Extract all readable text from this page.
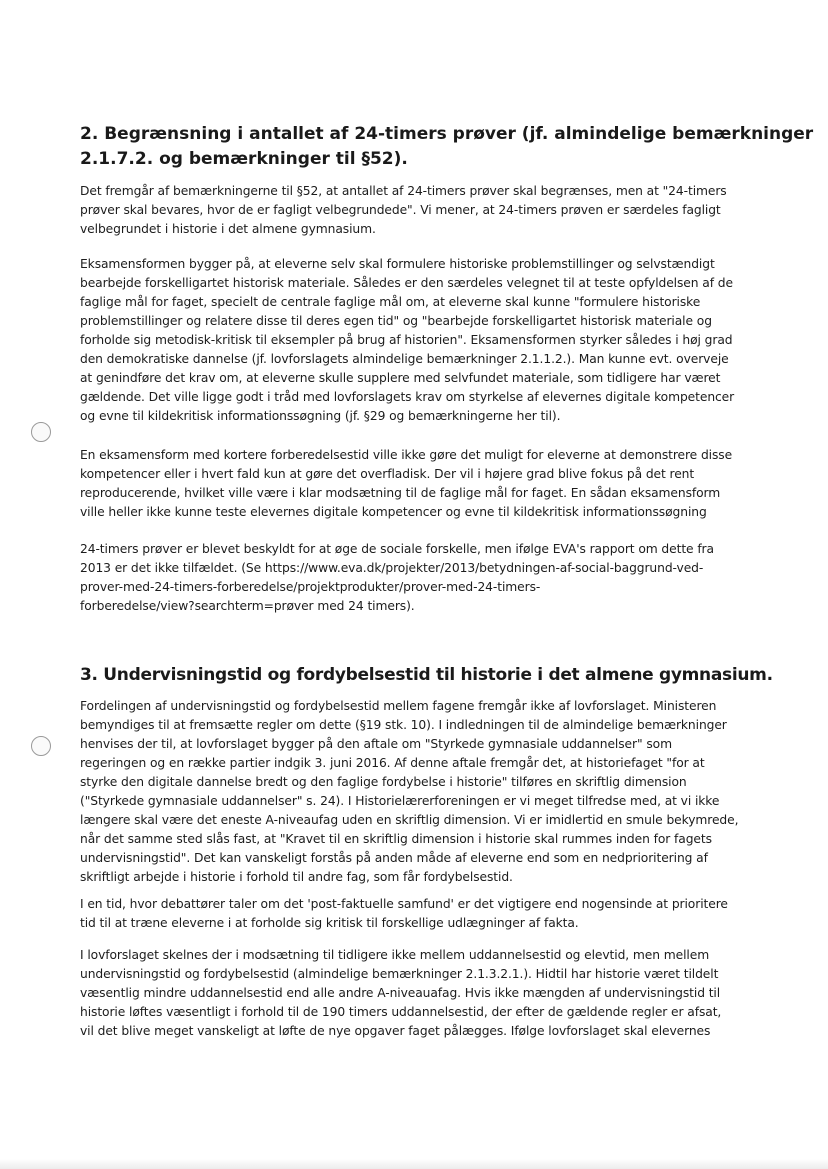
2. Begrænsning i antallet af 24-timers prøver (jf. almindelige bemærkninger
2.1.7.2. og bemærkninger til §52).
Det fremgår af bemærkningerne til §52, at antallet af 24-timers prøver skal begrænses, men at "24-timers
prøver skal bevares, hvor de er fagligt velbegrundede". Vi mener, at 24-timers prøven er særdeles fagligt
velbegrundet i historie i det almene gymnasium.
Eksamensformen bygger på, at eleverne selv skal formulere historiske problemstillinger og selvstændigt
bearbejde forskelligartet historisk materiale. Således er den særdeles velegnet til at teste opfyldelsen af de
faglige mål for faget, specielt de centrale faglige mål om, at eleverne skal kunne "formulere historiske
problemstillinger og relatere disse til deres egen tid" og "bearbejde forskelligartet historisk materiale og
forholde sig metodisk-kritisk til eksempler på brug af historien". Eksamensformen styrker således i høj grad
den demokratiske dannelse (jf. lovforslagets almindelige bemærkninger 2.1.1.2.). Man kunne evt. overveje
at genindføre det krav om, at eleverne skulle supplere med selvfundet materiale, som tidligere har været
gældende. Det ville ligge godt i tråd med lovforslagets krav om styrkelse af elevernes digitale kompetencer
og evne til kildekritisk informationssøgning (jf. §29 og bemærkningerne her til).
En eksamensform med kortere forberedelsestid ville ikke gøre det muligt for eleverne at demonstrere disse
kompetencer eller i hvert fald kun at gøre det overfladisk. Der vil i højere grad blive fokus på det rent
reproducerende, hvilket ville være i klar modsætning til de faglige mål for faget. En sådan eksamensform
ville heller ikke kunne teste elevernes digitale kompetencer og evne til kildekritisk informationssøgning
24-timers prøver er blevet beskyldt for at øge de sociale forskelle, men ifølge EVA's rapport om dette fra
2013 er det ikke tilfældet. (Se https://www.eva.dk/projekter/2013/betydningen-af-social-baggrund-ved-
prover-med-24-timers-forberedelse/projektprodukter/prover-med-24-timers-
forberedelse/view?searchterm=prøver med 24 timers).
3. Undervisningstid og fordybelsestid til historie i det almene gymnasium.
Fordelingen af undervisningstid og fordybelsestid mellem fagene fremgår ikke af lovforslaget. Ministeren
bemyndiges til at fremsætte regler om dette (§19 stk. 10). I indledningen til de almindelige bemærkninger
henvises der til, at lovforslaget bygger på den aftale om "Styrkede gymnasiale uddannelser" som
regeringen og en række partier indgik 3. juni 2016. Af denne aftale fremgår det, at historiefaget "for at
styrke den digitale dannelse bredt og den faglige fordybelse i historie" tilføres en skriftlig dimension
("Styrkede gymnasiale uddannelser" s. 24). I Historielærerforeningen er vi meget tilfredse med, at vi ikke
længere skal være det eneste A-niveaufag uden en skriftlig dimension. Vi er imidlertid en smule bekymrede,
når det samme sted slås fast, at "Kravet til en skriftlig dimension i historie skal rummes inden for fagets
undervisningstid". Det kan vanskeligt forstås på anden måde af eleverne end som en nedprioritering af
skriftligt arbejde i historie i forhold til andre fag, som får fordybelsestid.
I en tid, hvor debattører taler om det 'post-faktuelle samfund' er det vigtigere end nogensinde at prioritere
tid til at træne eleverne i at forholde sig kritisk til forskellige udlægninger af fakta.
I lovforslaget skelnes der i modsætning til tidligere ikke mellem uddannelsestid og elevtid, men mellem
undervisningstid og fordybelsestid (almindelige bemærkninger 2.1.3.2.1.). Hidtil har historie været tildelt
væsentlig mindre uddannelsestid end alle andre A-niveauafag. Hvis ikke mængden af undervisningstid til
historie løftes væsentligt i forhold til de 190 timers uddannelsestid, der efter de gældende regler er afsat,
vil det blive meget vanskeligt at løfte de nye opgaver faget pålægges. Ifølge lovforslaget skal elevernes
